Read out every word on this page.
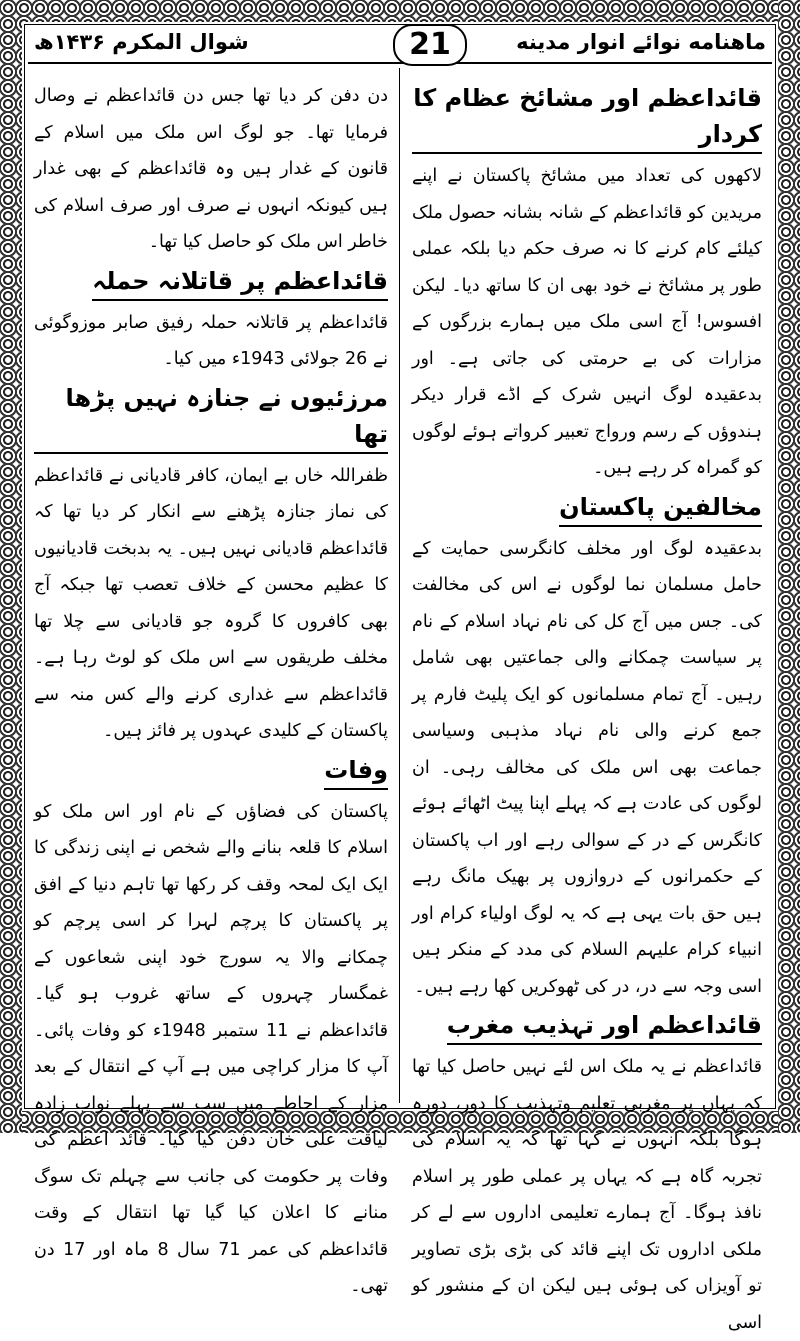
ماهنامه نوائے انوار مدینه
21
شوال المکرم ۱۴۳۶ھ
قائداعظم اور مشائخ عظام کا کردار

لاکھوں کی تعداد میں مشائخ پاکستان نے اپنے مریدین کو قائداعظم کے شانہ بشانہ حصول ملک کیلئے کام کرنے کا نہ صرف حکم دیا بلکہ عملی طور پر مشائخ نے خود بھی ان کا ساتھ دیا۔ لیکن افسوس! آج اسی ملک میں ہمارے بزرگوں کے مزارات کی بے حرمتی کی جاتی ہے۔ اور بدعقیدہ لوگ انہیں شرک کے اڈے قرار دیکر ہندوؤں کے رسم ورواج تعبیر کرواتے ہوئے لوگوں کو گمراہ کر رہے ہیں۔

مخالفین پاکستان

بدعقیدہ لوگ اور مخلف کانگرسی حمایت کے حامل مسلمان نما لوگوں نے اس کی مخالفت کی۔ جس میں آج کل کی نام نہاد اسلام کے نام پر سیاست چمکانے والی جماعتیں بھی شامل رہیں۔ آج تمام مسلمانوں کو ایک پلیٹ فارم پر جمع کرنے والی نام نہاد مذہبی وسیاسی جماعت بھی اس ملک کی مخالف رہی۔ ان لوگوں کی عادت ہے کہ پہلے اپنا پیٹ اٹھائے ہوئے کانگرس کے در کے سوالی رہے اور اب پاکستان کے حکمرانوں کے دروازوں پر بھیک مانگ رہے ہیں حق بات یہی ہے کہ یہ لوگ اولیاء کرام اور انبیاء کرام علیہم السلام کی مدد کے منکر ہیں اسی وجہ سے در، در کی ٹھوکریں کھا رہے ہیں۔

قائداعظم اور تہذیب مغرب

قائداعظم نے یہ ملک اس لئے نہیں حاصل کیا تھا کہ یہاں پر مغربی تعلیم وتہذیب کا دور، دورہ ہوگا بلکہ انہوں نے کہا تھا کہ یہ اسلام کی تجربہ گاہ ہے کہ یہاں پر عملی طور پر اسلام نافذ ہوگا۔ آج ہمارے تعلیمی اداروں سے لے کر ملکی اداروں تک اپنے قائد کی بڑی بڑی تصاویر تو آویزاں کی ہوئی ہیں لیکن ان کے منشور کو اسی

دن دفن کر دیا تھا جس دن قائداعظم نے وصال فرمایا تھا۔ جو لوگ اس ملک میں اسلام کے قانون کے غدار ہیں وہ قائداعظم کے بھی غدار ہیں کیونکہ انہوں نے صرف اور صرف اسلام کی خاطر اس ملک کو حاصل کیا تھا۔

قائداعظم پر قاتلانہ حملہ

قائداعظم پر قاتلانہ حملہ رفیق صابر موزوگوئی نے 26 جولائی 1943ء میں کیا۔

مرزئیوں نے جنازہ نہیں پڑھا تھا

ظفراللہ خاں بے ایمان، کافر قادیانی نے قائداعظم کی نماز جنازہ پڑھنے سے انکار کر دیا تھا کہ قائداعظم قادیانی نہیں ہیں۔ یہ بدبخت قادیانیوں کا عظیم محسن کے خلاف تعصب تھا جبکہ آج بھی کافروں کا گروہ جو قادیانی سے چلا تھا مخلف طریقوں سے اس ملک کو لوٹ رہا ہے۔ قائداعظم سے غداری کرنے والے کس منہ سے پاکستان کے کلیدی عہدوں پر فائز ہیں۔

وفات

پاکستان کی فضاؤں کے نام اور اس ملک کو اسلام کا قلعہ بنانے والے شخص نے اپنی زندگی کا ایک ایک لمحہ وقف کر رکھا تھا تاہم دنیا کے افق پر پاکستان کا پرچم لہرا کر اسی پرچم کو چمکانے والا یہ سورج خود اپنی شعاعوں کے غمگسار چہروں کے ساتھ غروب ہو گیا۔ قائداعظم نے 11 ستمبر 1948ء کو وفات پائی۔ آپ کا مزار کراچی میں ہے آپ کے انتقال کے بعد مزار کے احاطے میں سب سے پہلے نواب زادہ لیاقت علی خان دفن کیا گیا۔ قائد اعظم کی وفات پر حکومت کی جانب سے چہلم تک سوگ منانے کا اعلان کیا گیا تھا انتقال کے وقت قائداعظم کی عمر 71 سال 8 ماہ اور 17 دن تھی۔
